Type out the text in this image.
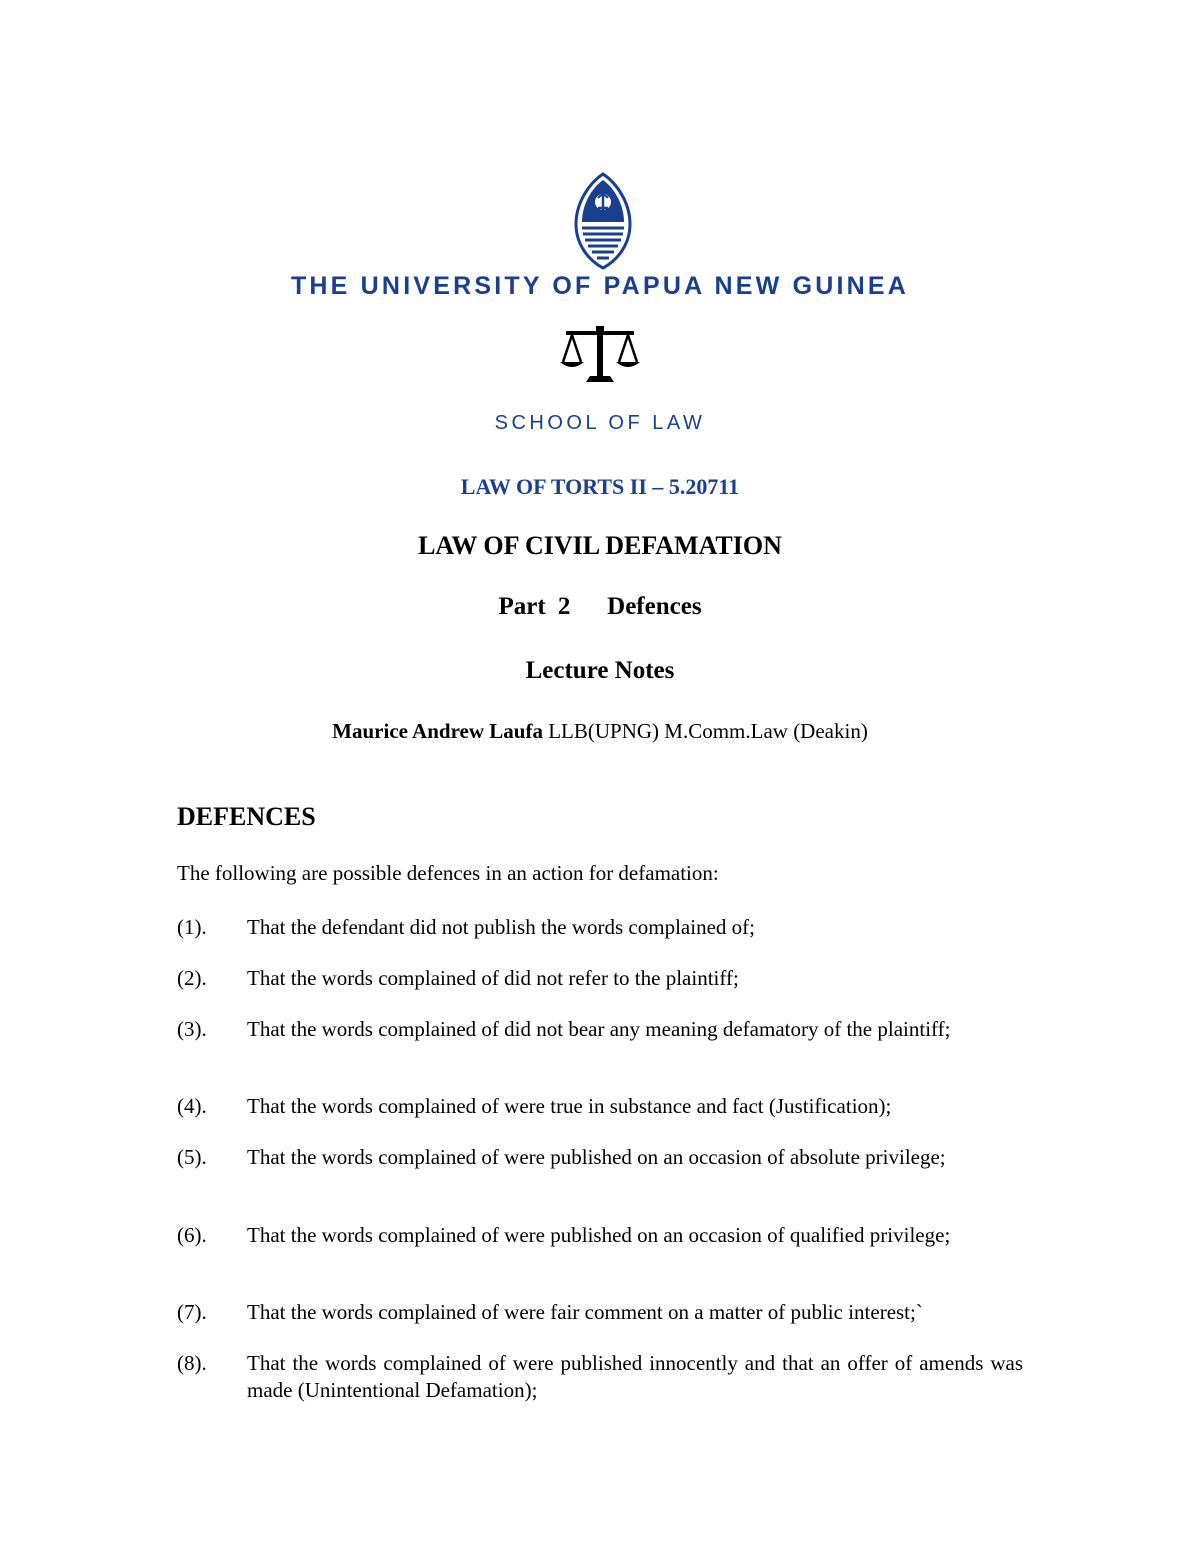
THE UNIVERSITY OF PAPUA NEW GUINEA
SCHOOL OF LAW
LAW OF TORTS II – 5.20711
LAW OF CIVIL DEFAMATION
Part 2   Defences
Lecture Notes
Maurice Andrew Laufa LLB(UPNG) M.Comm.Law (Deakin)
DEFENCES
The following are possible defences in an action for defamation:
(1). That the defendant did not publish the words complained of;
(2). That the words complained of did not refer to the plaintiff;
(3). That the words complained of did not bear any meaning defamatory of the plaintiff;
(4). That the words complained of were true in substance and fact (Justification);
(5). That the words complained of were published on an occasion of absolute privilege;
(6). That the words complained of were published on an occasion of qualified privilege;
(7). That the words complained of were fair comment on a matter of public interest;`
(8). That the words complained of were published innocently and that an offer of amends was made (Unintentional Defamation);
